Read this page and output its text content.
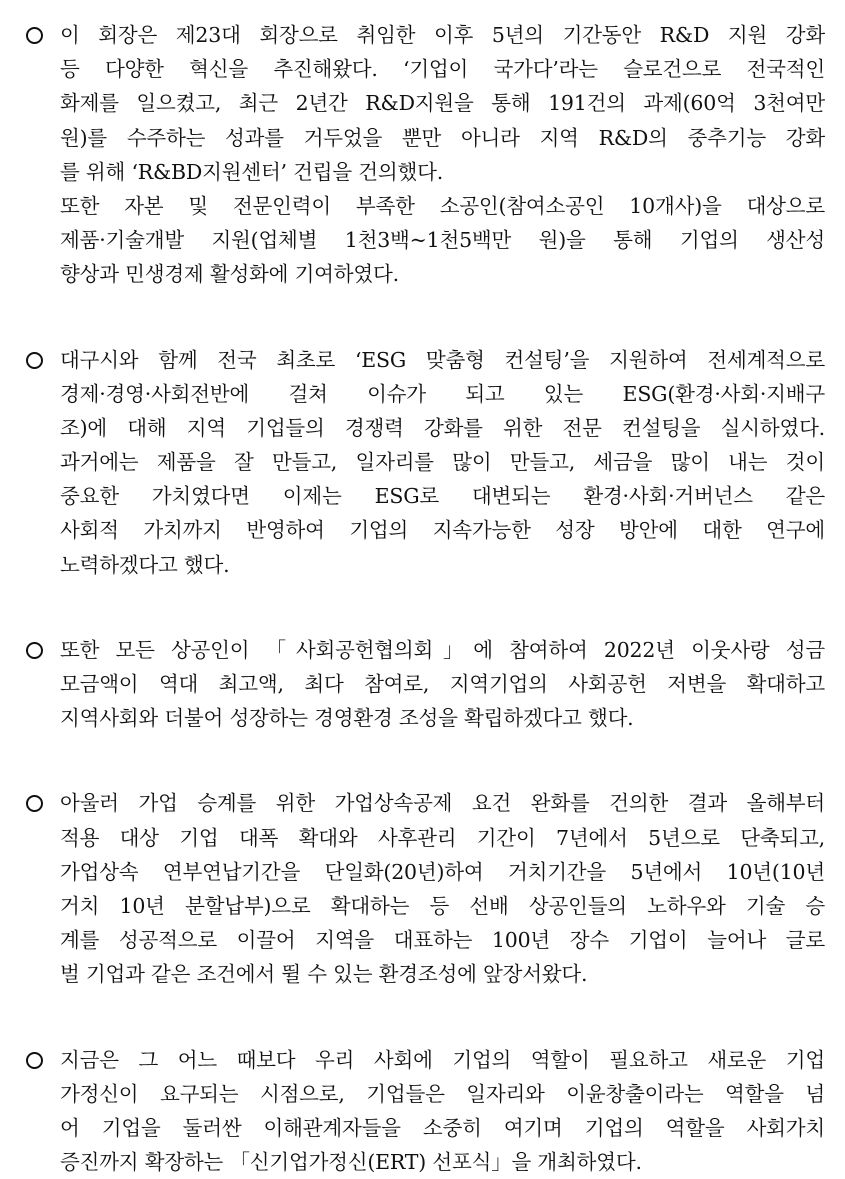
이 회장은 제23대 회장으로 취임한 이후 5년의 기간동안 R&D 지원 강화
등 다양한 혁신을 추진해왔다. ‘기업이 국가다’라는 슬로건으로 전국적인
화제를 일으켰고, 최근 2년간 R&D지원을 통해 191건의 과제(60억 3천여만
원)를 수주하는 성과를 거두었을 뿐만 아니라 지역 R&D의 중추기능 강화
를 위해 ‘R&BD지원센터’ 건립을 건의했다.
또한 자본 및 전문인력이 부족한 소공인(참여소공인 10개사)을 대상으로
제품·기술개발 지원(업체별 1천3백~1천5백만 원)을 통해 기업의 생산성
향상과 민생경제 활성화에 기여하였다.
대구시와 함께 전국 최초로 ‘ESG 맞춤형 컨설팅’을 지원하여 전세계적으로
경제·경영·사회전반에 걸쳐 이슈가 되고 있는 ESG(환경·사회·지배구
조)에 대해 지역 기업들의 경쟁력 강화를 위한 전문 컨설팅을 실시하였다.
과거에는 제품을 잘 만들고, 일자리를 많이 만들고, 세금을 많이 내는 것이
중요한 가치였다면 이제는 ESG로 대변되는 환경·사회·거버넌스 같은
사회적 가치까지 반영하여 기업의 지속가능한 성장 방안에 대한 연구에
노력하겠다고 했다.
또한 모든 상공인이 「사회공헌협의회」에 참여하여 2022년 이웃사랑 성금
모금액이 역대 최고액, 최다 참여로, 지역기업의 사회공헌 저변을 확대하고
지역사회와 더불어 성장하는 경영환경 조성을 확립하겠다고 했다.
아울러 가업 승계를 위한 가업상속공제 요건 완화를 건의한 결과 올해부터
적용 대상 기업 대폭 확대와 사후관리 기간이 7년에서 5년으로 단축되고,
가업상속 연부연납기간을 단일화(20년)하여 거치기간을 5년에서 10년(10년
거치 10년 분할납부)으로 확대하는 등 선배 상공인들의 노하우와 기술 승
계를 성공적으로 이끌어 지역을 대표하는 100년 장수 기업이 늘어나 글로
벌 기업과 같은 조건에서 뛸 수 있는 환경조성에 앞장서왔다.
지금은 그 어느 때보다 우리 사회에 기업의 역할이 필요하고 새로운 기업
가정신이 요구되는 시점으로, 기업들은 일자리와 이윤창출이라는 역할을 넘
어 기업을 둘러싼 이해관계자들을 소중히 여기며 기업의 역할을 사회가치
증진까지 확장하는 「신기업가정신(ERT) 선포식」을 개최하였다.
